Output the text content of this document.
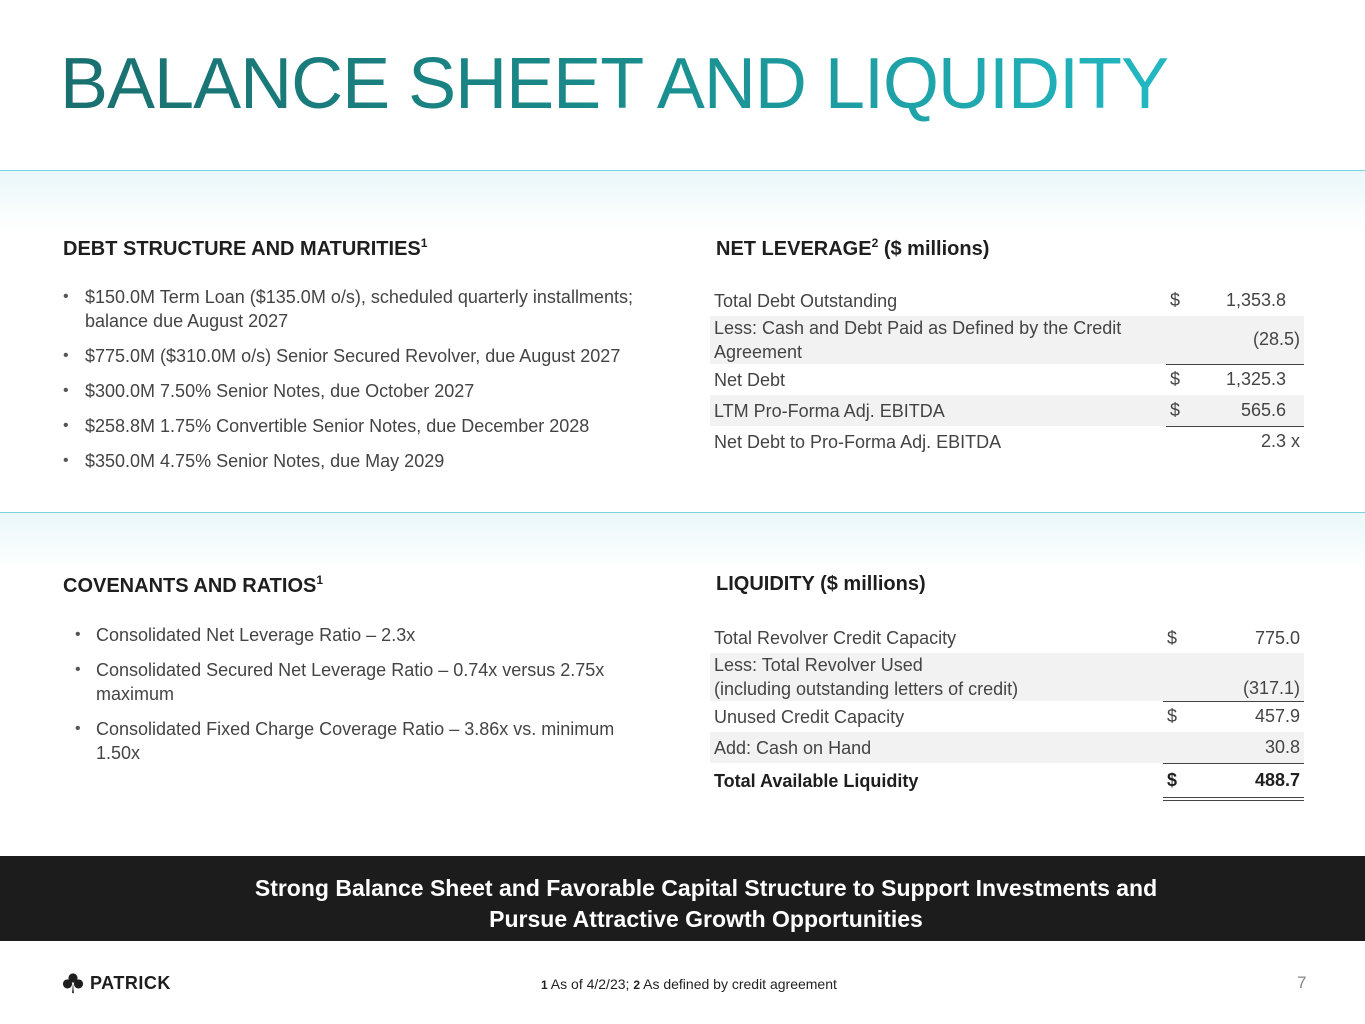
BALANCE SHEET AND LIQUIDITY
DEBT STRUCTURE AND MATURITIES$^1$
• $150.0M Term Loan ($135.0M o/s), scheduled quarterly installments; balance due August 2027
• $775.0M ($310.0M o/s) Senior Secured Revolver, due August 2027
• $300.0M 7.50% Senior Notes, due October 2027
• $258.8M 1.75% Convertible Senior Notes, due December 2028
• $350.0M 4.75% Senior Notes, due May 2029
NET LEVERAGE$^2$ ($ millions)
Total Debt Outstanding	$	1,353.8
Less: Cash and Debt Paid as Defined by the Credit Agreement		(28.5)
Net Debt	$	1,325.3
LTM Pro-Forma Adj. EBITDA	$	565.6
Net Debt to Pro-Forma Adj. EBITDA		2.3 x
COVENANTS AND RATIOS$^1$
• Consolidated Net Leverage Ratio – 2.3x
• Consolidated Secured Net Leverage Ratio – 0.74x versus 2.75x maximum
• Consolidated Fixed Charge Coverage Ratio – 3.86x vs. minimum 1.50x
LIQUIDITY ($ millions)
Total Revolver Credit Capacity	$	775.0

Less: Total Revolver Used
(including outstanding letters of credit)		(317.1)
Unused Credit Capacity	$	457.9
Add: Cash on Hand		30.8
Total Available Liquidity	$	488.7
Strong Balance Sheet and Favorable Capital Structure to Support Investments and
Pursue Attractive Growth Opportunities
PATRICK	1 As of 4/2/23; 2 As defined by credit agreement	7
